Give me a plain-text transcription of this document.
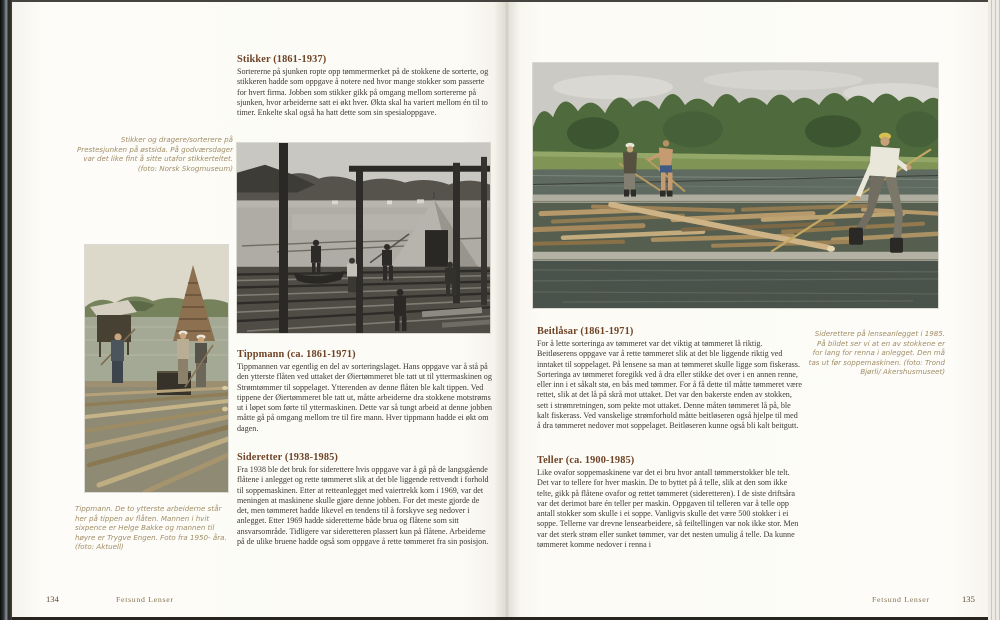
Stikker og dragere/sorterere på Prestesjunken på østsida. På godværsdager var det like fint å sitte utafor stikkerteltet. (foto: Norsk Skogmuseum)
Stikker (1861-1937)

Sortererne på sjunken ropte opp tømmermerket på de stokkene de sorterte, og stikkeren hadde som oppgave å notere ned hvor mange stokker som passerte for hvert firma. Jobben som stikker gikk på omgang mellom sortererne på sjunken, hvor arbeiderne satt ei økt hver. Økta skal ha variert mellom én til to timer. Enkelte skal også ha hatt dette som sin spesialoppgave.

Tippmann (ca. 1861-1971)

Tippmannen var egentlig en del av sorteringslaget. Hans oppgave var å stå på den ytterste flåten ved uttaket der Øiertømmeret ble tatt ut til yttermaskinen og Strømtømmer til soppelaget. Ytterenden av denne flåten ble kalt tippen. Ved tippene der Øiertømmeret ble tatt ut, måtte arbeiderne dra stokkene motstrøms ut i løpet som førte til yttermaskinen. Dette var så tungt arbeid at denne jobben måtte gå på omgang mellom tre til fire mann. Hver tippmann hadde ei økt om dagen.

Sideretter (1938-1985)

Fra 1938 ble det bruk for siderettere hvis oppgave var å gå på de langsgående flåtene i anlegget og rette tømmeret slik at det ble liggende rettvendt i forhold til soppemaskinen. Etter at retteanlegget med vaiertrekk kom i 1969, var det meningen at maskinene skulle gjøre denne jobben. For det meste gjorde de det, men tømmeret hadde likevel en tendens til å forskyve seg nedover i anlegget. Etter 1969 hadde sideretterne både brua og flåtene som sitt ansvarsområde. Tidligere var sideretteren plassert kun på flåtene. Arbeiderne på de ulike bruene hadde også som oppgave å rette tømmeret fra sin posisjon.

Tippmann. De to ytterste arbeiderne står her på tippen av flåten. Mannen i hvit sixpence er Helge Bakke og mannen til høyre er Trygve Engen. Foto fra 1950- åra. (foto: Aktuell)
134	Fetsund Lenser
Siderettere på lenseanlegget i 1985. På bildet ser vi at en av stokkene er for lang for renna i anlegget. Den må tas ut før soppemaskinen. (foto: Trond Bjørli/ Akershusmuseet)
Beitlåsar (1861-1971)

For å lette sorteringa av tømmeret var det viktig at tømmeret lå riktig. Beitløserens oppgave var å rette tømmeret slik at det ble liggende riktig ved inntaket til soppelaget. På lensene sa man at tømmeret skulle ligge som fiskerass. Sorteringa av tømmeret foregikk ved å dra eller stikke det over i en annen renne, eller inn i et såkalt stø, en bås med tømmer. For å få dette til måtte tømmeret være rettet, slik at det lå på skrå mot uttaket. Det var den bakerste enden av stokken, sett i strømretningen, som pekte mot uttaket. Denne måten tømmeret lå på, ble kalt fiskerass. Ved vanskelige strømforhold måtte beitløseren også hjelpe til med å dra tømmeret nedover mot soppelaget. Beitløseren kunne også bli kalt beitgutt.

Teller (ca. 1900-1985)

Like ovafor soppemaskinene var det ei bru hvor antall tømmerstokker ble telt. Det var to tellere for hver maskin. De to byttet på å telle, slik at den som ikke telte, gikk på flåtene ovafor og rettet tømmeret (sideretteren). I de siste driftsåra var det derimot bare én teller per maskin. Oppgaven til telleren var å telle opp antall stokker som skulle i ei soppe. Vanligvis skulle det være 500 stokker i ei soppe. Tellerne var drevne lensearbeidere, så feiltellingen var nok ikke stor. Men var det sterk strøm eller sunket tømmer, var det nesten umulig å telle. Da kunne tømmeret komme nedover i renna i

Fetsund Lenser	135
